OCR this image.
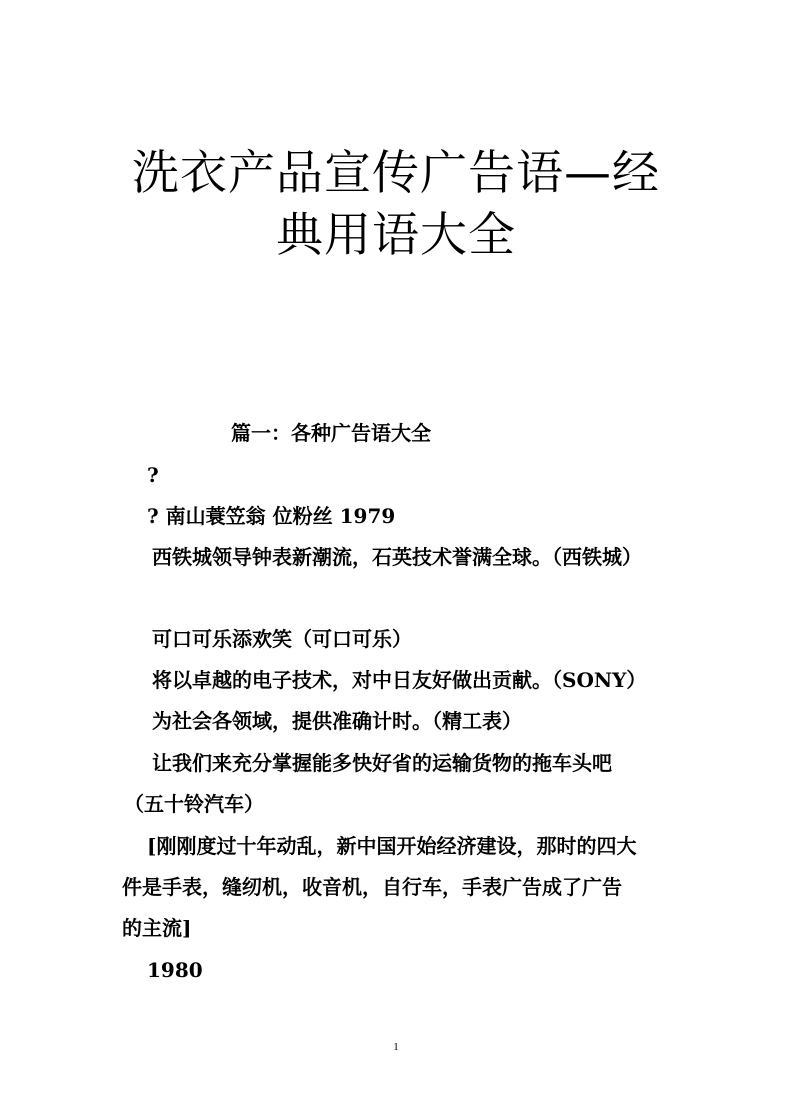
洗衣产品宣传广告语—经
典用语大全
篇一：各种广告语大全
?
? 南山蓑笠翁 位粉丝 1979
西铁城领导钟表新潮流，石英技术誉满全球。（西铁城）
可口可乐添欢笑（可口可乐）
将以卓越的电子技术，对中日友好做出贡献。（SONY）
为社会各领域，提供准确计时。（精工表）
让我们来充分掌握能多快好省的运输货物的拖车头吧
（五十铃汽车）
[刚刚度过十年动乱，新中国开始经济建设，那时的四大
件是手表，缝纫机，收音机，自行车，手表广告成了广告
的主流]
1980
1
